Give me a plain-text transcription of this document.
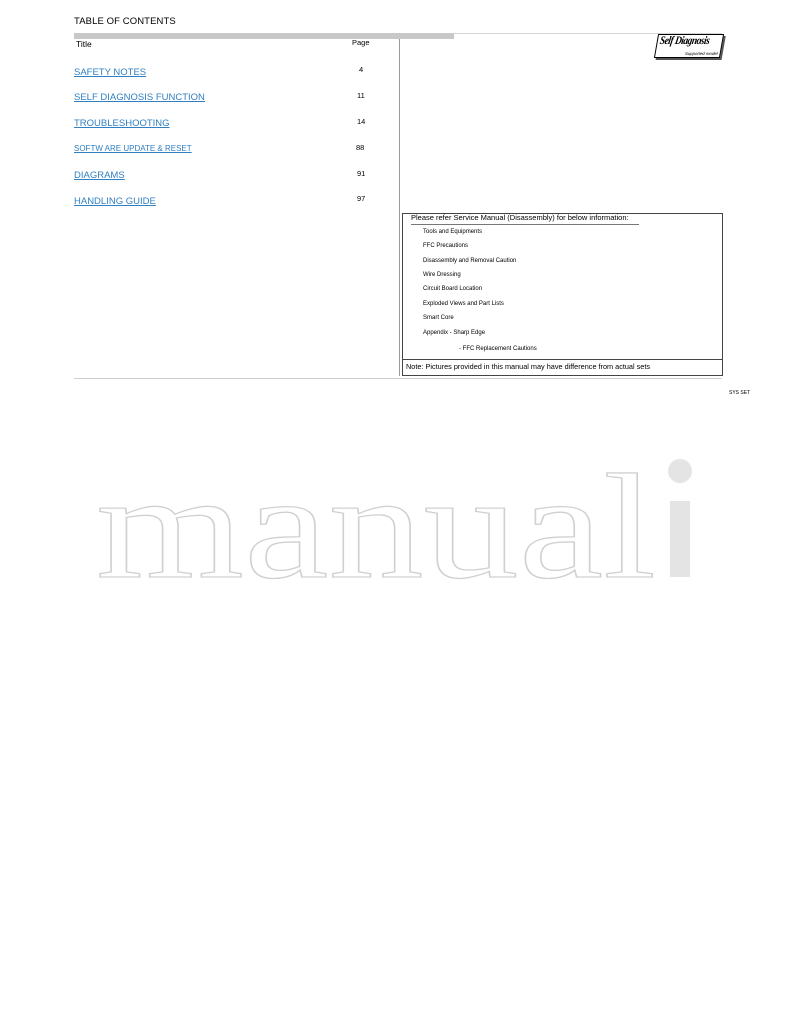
TABLE OF CONTENTS
Title	Page	Self Diagnosis
Supported model
SAFETY NOTES	4
SELF DIAGNOSIS FUNCTION	11
TROUBLESHOOTING	14
SOFTW ARE UPDATE & RESET	88
DIAGRAMS	91
HANDLING GUIDE	97
Please refer Service Manual (Disassembly) for below information:
Tools and Equipments
FFC Precautions
Disassembly and Removal Caution
Wire Dressing
Circuit Board Location
Exploded Views and Part Lists
Smart Core
Appendix - Sharp Edge
- FFC Replacement Cautions
Note: Pictures provided in this manual may have difference from actual sets
SYS SET
manual
